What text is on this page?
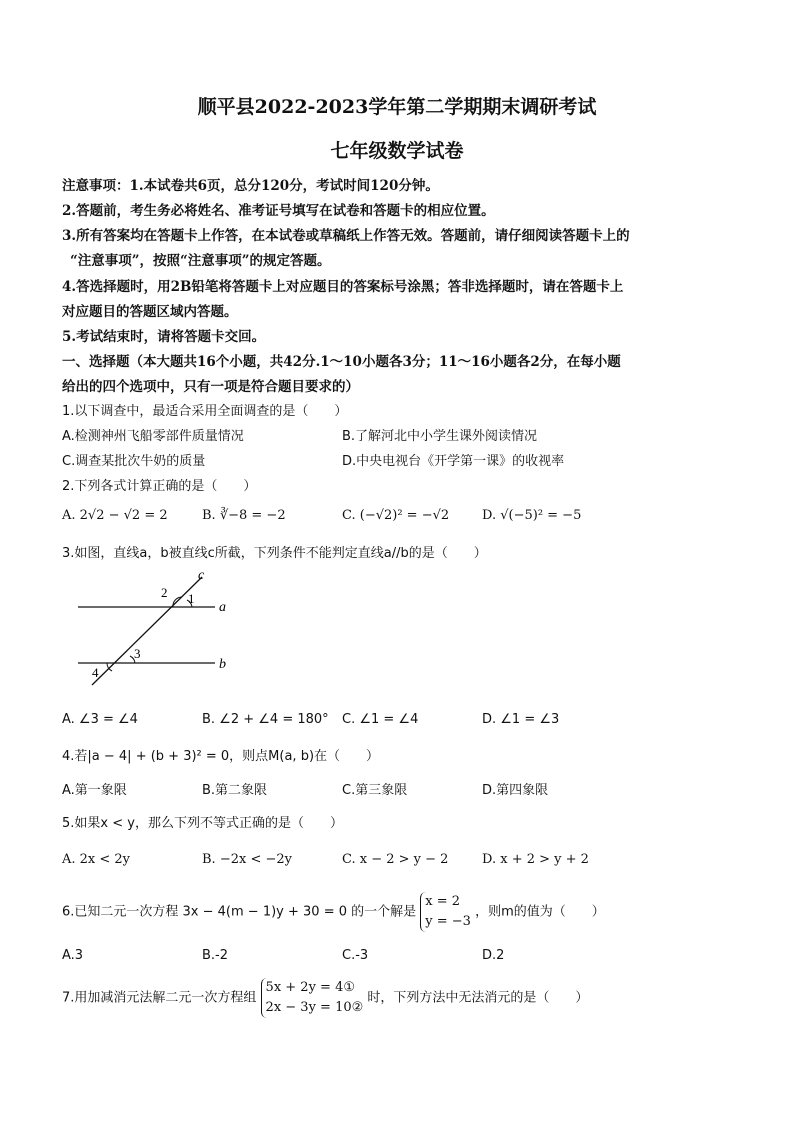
顺平县2022-2023学年第二学期期末调研考试
七年级数学试卷
注意事项：1.本试卷共6页，总分120分，考试时间120分钟。
2.答题前，考生务必将姓名、准考证号填写在试卷和答题卡的相应位置。
3.所有答案均在答题卡上作答，在本试卷或草稿纸上作答无效。答题前，请仔细阅读答题卡上的
“注意事项”，按照“注意事项”的规定答题。
4.答选择题时，用2B铅笔将答题卡上对应题目的答案标号涂黑；答非选择题时，请在答题卡上
对应题目的答题区域内答题。
5.考试结束时，请将答题卡交回。
一、选择题（本大题共16个小题，共42分.1～10小题各3分；11～16小题各2分，在每小题
给出的四个选项中，只有一项是符合题目要求的）
1.以下调查中，最适合采用全面调查的是（　　）
A.检测神州飞船零部件质量情况	B.了解河北中小学生课外阅读情况
C.调查某批次牛奶的质量	D.中央电视台《开学第一课》的收视率
2.下列各式计算正确的是（　　）
A. 2√2 − √2 = 2	B. ∛−8 = −2	C. (−√2)² = −√2	D. √(−5)² = −5
3.如图，直线a，b被直线c所截，下列条件不能判定直线a//b的是（　　）
c
a
b
1
2
3
4
A. ∠3 = ∠4	B. ∠2 + ∠4 = 180° C. ∠1 = ∠4	D. ∠1 = ∠3
4.若|a − 4| + (b + 3)² = 0，则点M(a, b)在（　　）
A.第一象限	B.第二象限	C.第三象限	D.第四象限
5.如果x < y，那么下列不等式正确的是（　　）
A. 2x < 2y	B. −2x < −2y	C. x − 2 > y − 2	D. x + 2 > y + 2
6.已知二元一次方程 3x − 4(m − 1)y + 30 = 0 的一个解是
x = 2
y = −3
，则m的值为（　　）
A.3	B.-2	C.-3	D.2
7.用加减消元法解二元一次方程组
5x + 2y = 4①
2x − 3y = 10②
时，下列方法中无法消元的是（　　）
